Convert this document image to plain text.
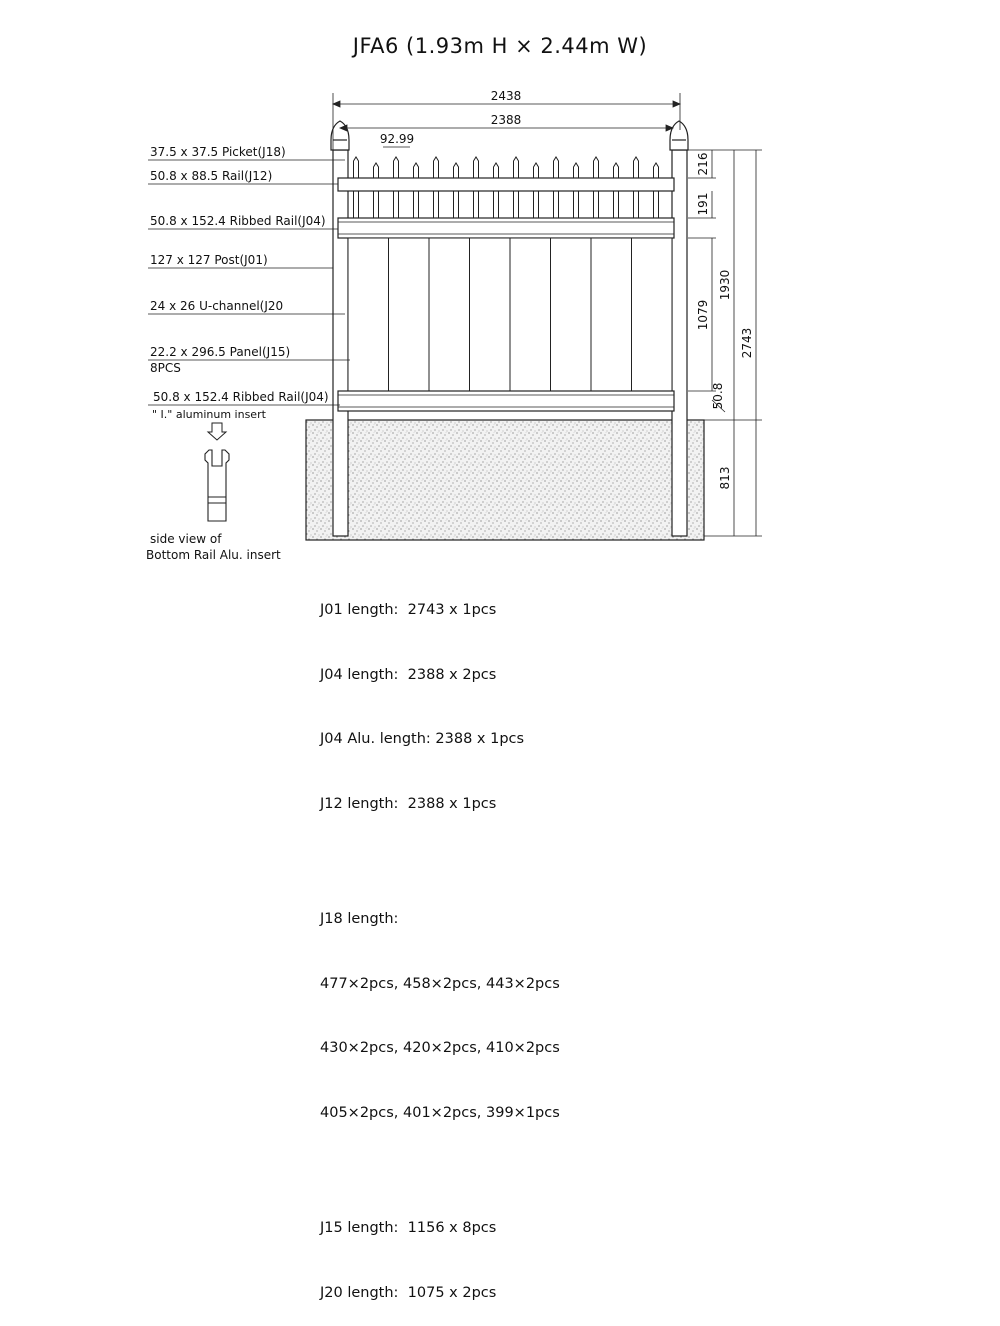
JFA6 (1.93m H × 2.44m W)
2438
2388
92.99
216
191
1079
1930
2743
50.8
813
37.5 x 37.5 Picket(J18)
50.8 x 88.5 Rail(J12)
50.8 x 152.4 Ribbed Rail(J04)
127 x 127 Post(J01)
24 x 26 U-channel(J20
22.2 x 296.5 Panel(J15)
8PCS
50.8 x 152.4 Ribbed Rail(J04)
" I." aluminum insert
side view of
Bottom Rail Alu. insert

J01 length:  2743 x 1pcs

J04 length:  2388 x 2pcs

J04 Alu. length: 2388 x 1pcs

J12 length:  2388 x 1pcs

J18 length:

477×2pcs, 458×2pcs, 443×2pcs

430×2pcs, 420×2pcs, 410×2pcs

405×2pcs, 401×2pcs, 399×1pcs

J15 length:  1156 x 8pcs

J20 length:  1075 x 2pcs
